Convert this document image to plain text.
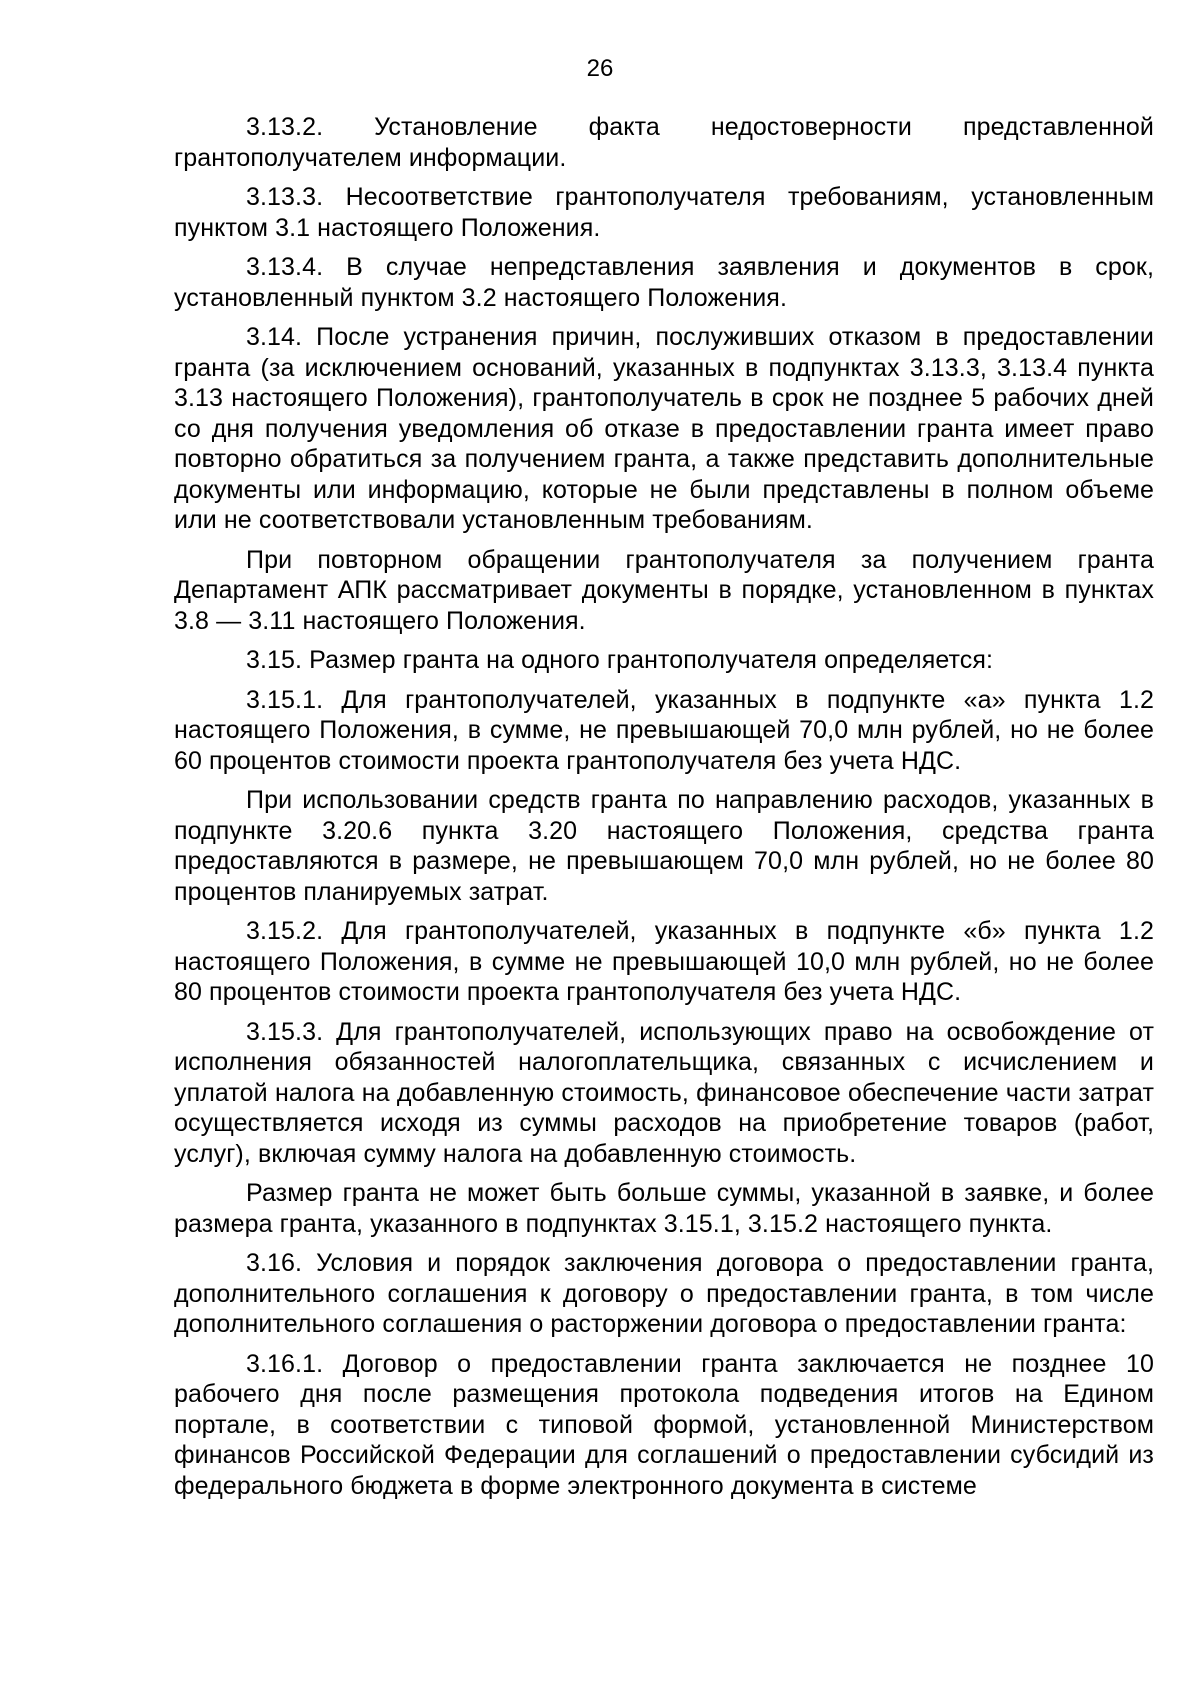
26

3.13.2. Установление факта недостоверности представленной грантополучателем информации.

3.13.3. Несоответствие грантополучателя требованиям, установленным пунктом 3.1 настоящего Положения.

3.13.4. В случае непредставления заявления и документов в срок, установленный пунктом 3.2 настоящего Положения.

3.14. После устранения причин, послуживших отказом в предоставлении гранта (за исключением оснований, указанных в подпунктах 3.13.3, 3.13.4 пункта 3.13 настоящего Положения), грантополучатель в срок не позднее 5 рабочих дней со дня получения уведомления об отказе в предоставлении гранта имеет право повторно обратиться за получением гранта, а также представить дополнительные документы или информацию, которые не были представлены в полном объеме или не соответствовали установленным требованиям.

При повторном обращении грантополучателя за получением гранта Департамент АПК рассматривает документы в порядке, установленном в пунктах 3.8 — 3.11 настоящего Положения.

3.15. Размер гранта на одного грантополучателя определяется:

3.15.1. Для грантополучателей, указанных в подпункте «а» пункта 1.2 настоящего Положения, в сумме, не превышающей 70,0 млн рублей, но не более 60 процентов стоимости проекта грантополучателя без учета НДС.

При использовании средств гранта по направлению расходов, указанных в подпункте 3.20.6 пункта 3.20 настоящего Положения, средства гранта предоставляются в размере, не превышающем 70,0 млн рублей, но не более 80 процентов планируемых затрат.

3.15.2. Для грантополучателей, указанных в подпункте «б» пункта 1.2 настоящего Положения, в сумме не превышающей 10,0 млн рублей, но не более 80 процентов стоимости проекта грантополучателя без учета НДС.

3.15.3. Для грантополучателей, использующих право на освобождение от исполнения обязанностей налогоплательщика, связанных с исчислением и уплатой налога на добавленную стоимость, финансовое обеспечение части затрат осуществляется исходя из суммы расходов на приобретение товаров (работ, услуг), включая сумму налога на добавленную стоимость.

Размер гранта не может быть больше суммы, указанной в заявке, и более размера гранта, указанного в подпунктах 3.15.1, 3.15.2 настоящего пункта.

3.16. Условия и порядок заключения договора о предоставлении гранта, дополнительного соглашения к договору о предоставлении гранта, в том числе дополнительного соглашения о расторжении договора о предоставлении гранта:

3.16.1. Договор о предоставлении гранта заключается не позднее 10 рабочего дня после размещения протокола подведения итогов на Едином портале, в соответствии с типовой формой, установленной Министерством финансов Российской Федерации для соглашений о предоставлении субсидий из федерального бюджета в форме электронного документа в системе
